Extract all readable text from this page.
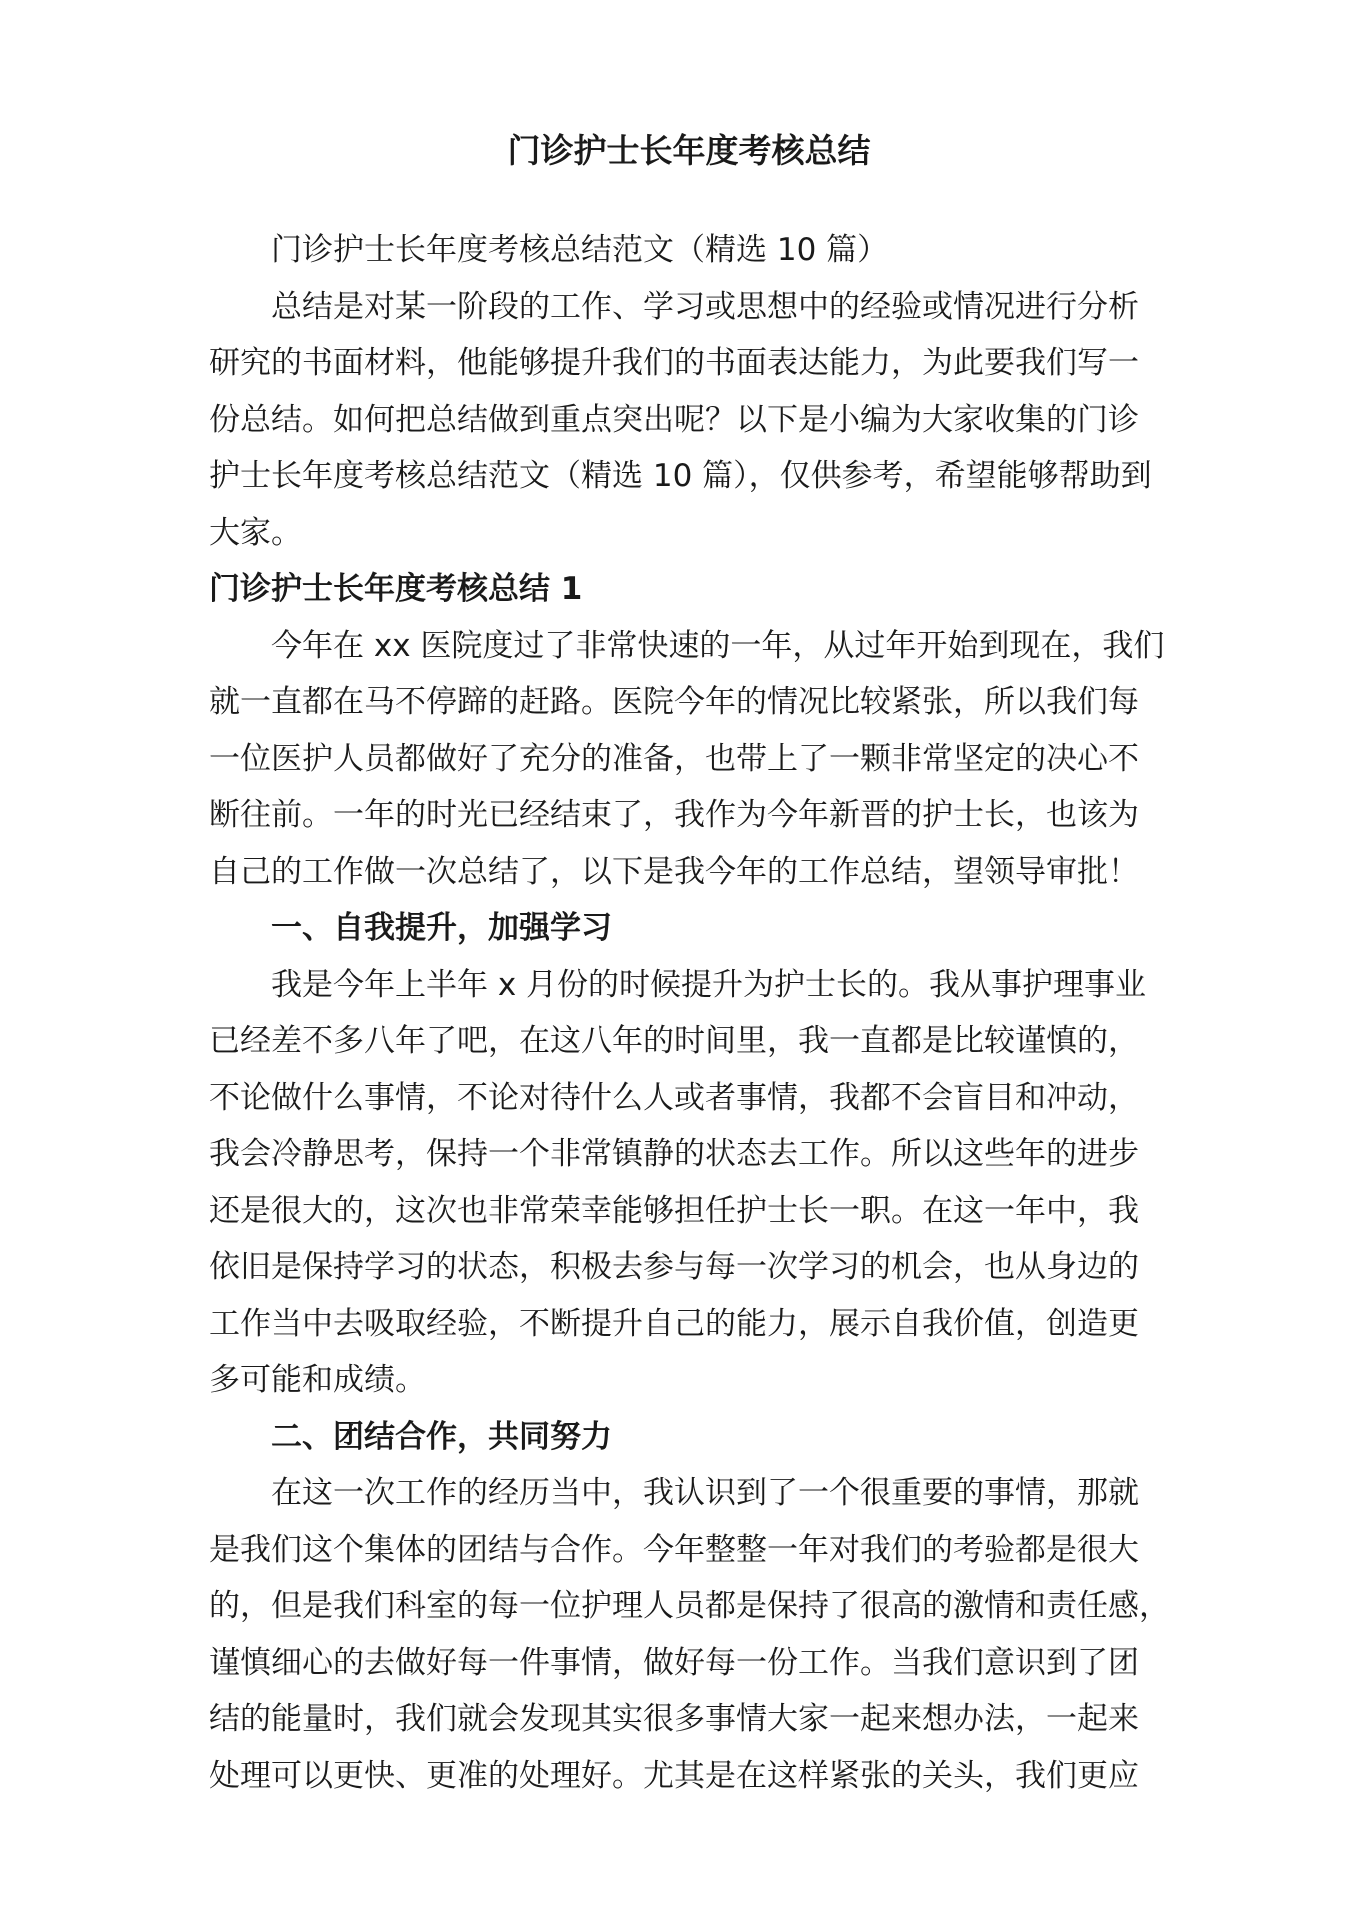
门诊护士长年度考核总结

门诊护士长年度考核总结范文（精选 10 篇）

总结是对某一阶段的工作、学习或思想中的经验或情况进行分析
研究的书面材料，他能够提升我们的书面表达能力，为此要我们写一
份总结。如何把总结做到重点突出呢？以下是小编为大家收集的门诊
护士长年度考核总结范文（精选 10 篇），仅供参考，希望能够帮助到
大家。

门诊护士长年度考核总结 1

今年在 xx 医院度过了非常快速的一年，从过年开始到现在，我们
就一直都在马不停蹄的赶路。医院今年的情况比较紧张，所以我们每
一位医护人员都做好了充分的准备，也带上了一颗非常坚定的决心不
断往前。一年的时光已经结束了，我作为今年新晋的护士长，也该为
自己的工作做一次总结了，以下是我今年的工作总结，望领导审批！

一、自我提升，加强学习

我是今年上半年 x 月份的时候提升为护士长的。我从事护理事业
已经差不多八年了吧，在这八年的时间里，我一直都是比较谨慎的，
不论做什么事情，不论对待什么人或者事情，我都不会盲目和冲动，
我会冷静思考，保持一个非常镇静的状态去工作。所以这些年的进步
还是很大的，这次也非常荣幸能够担任护士长一职。在这一年中，我
依旧是保持学习的状态，积极去参与每一次学习的机会，也从身边的
工作当中去吸取经验，不断提升自己的能力，展示自我价值，创造更
多可能和成绩。

二、团结合作，共同努力

在这一次工作的经历当中，我认识到了一个很重要的事情，那就
是我们这个集体的团结与合作。今年整整一年对我们的考验都是很大
的，但是我们科室的每一位护理人员都是保持了很高的激情和责任感，
谨慎细心的去做好每一件事情，做好每一份工作。当我们意识到了团
结的能量时，我们就会发现其实很多事情大家一起来想办法，一起来
处理可以更快、更准的处理好。尤其是在这样紧张的关头，我们更应
